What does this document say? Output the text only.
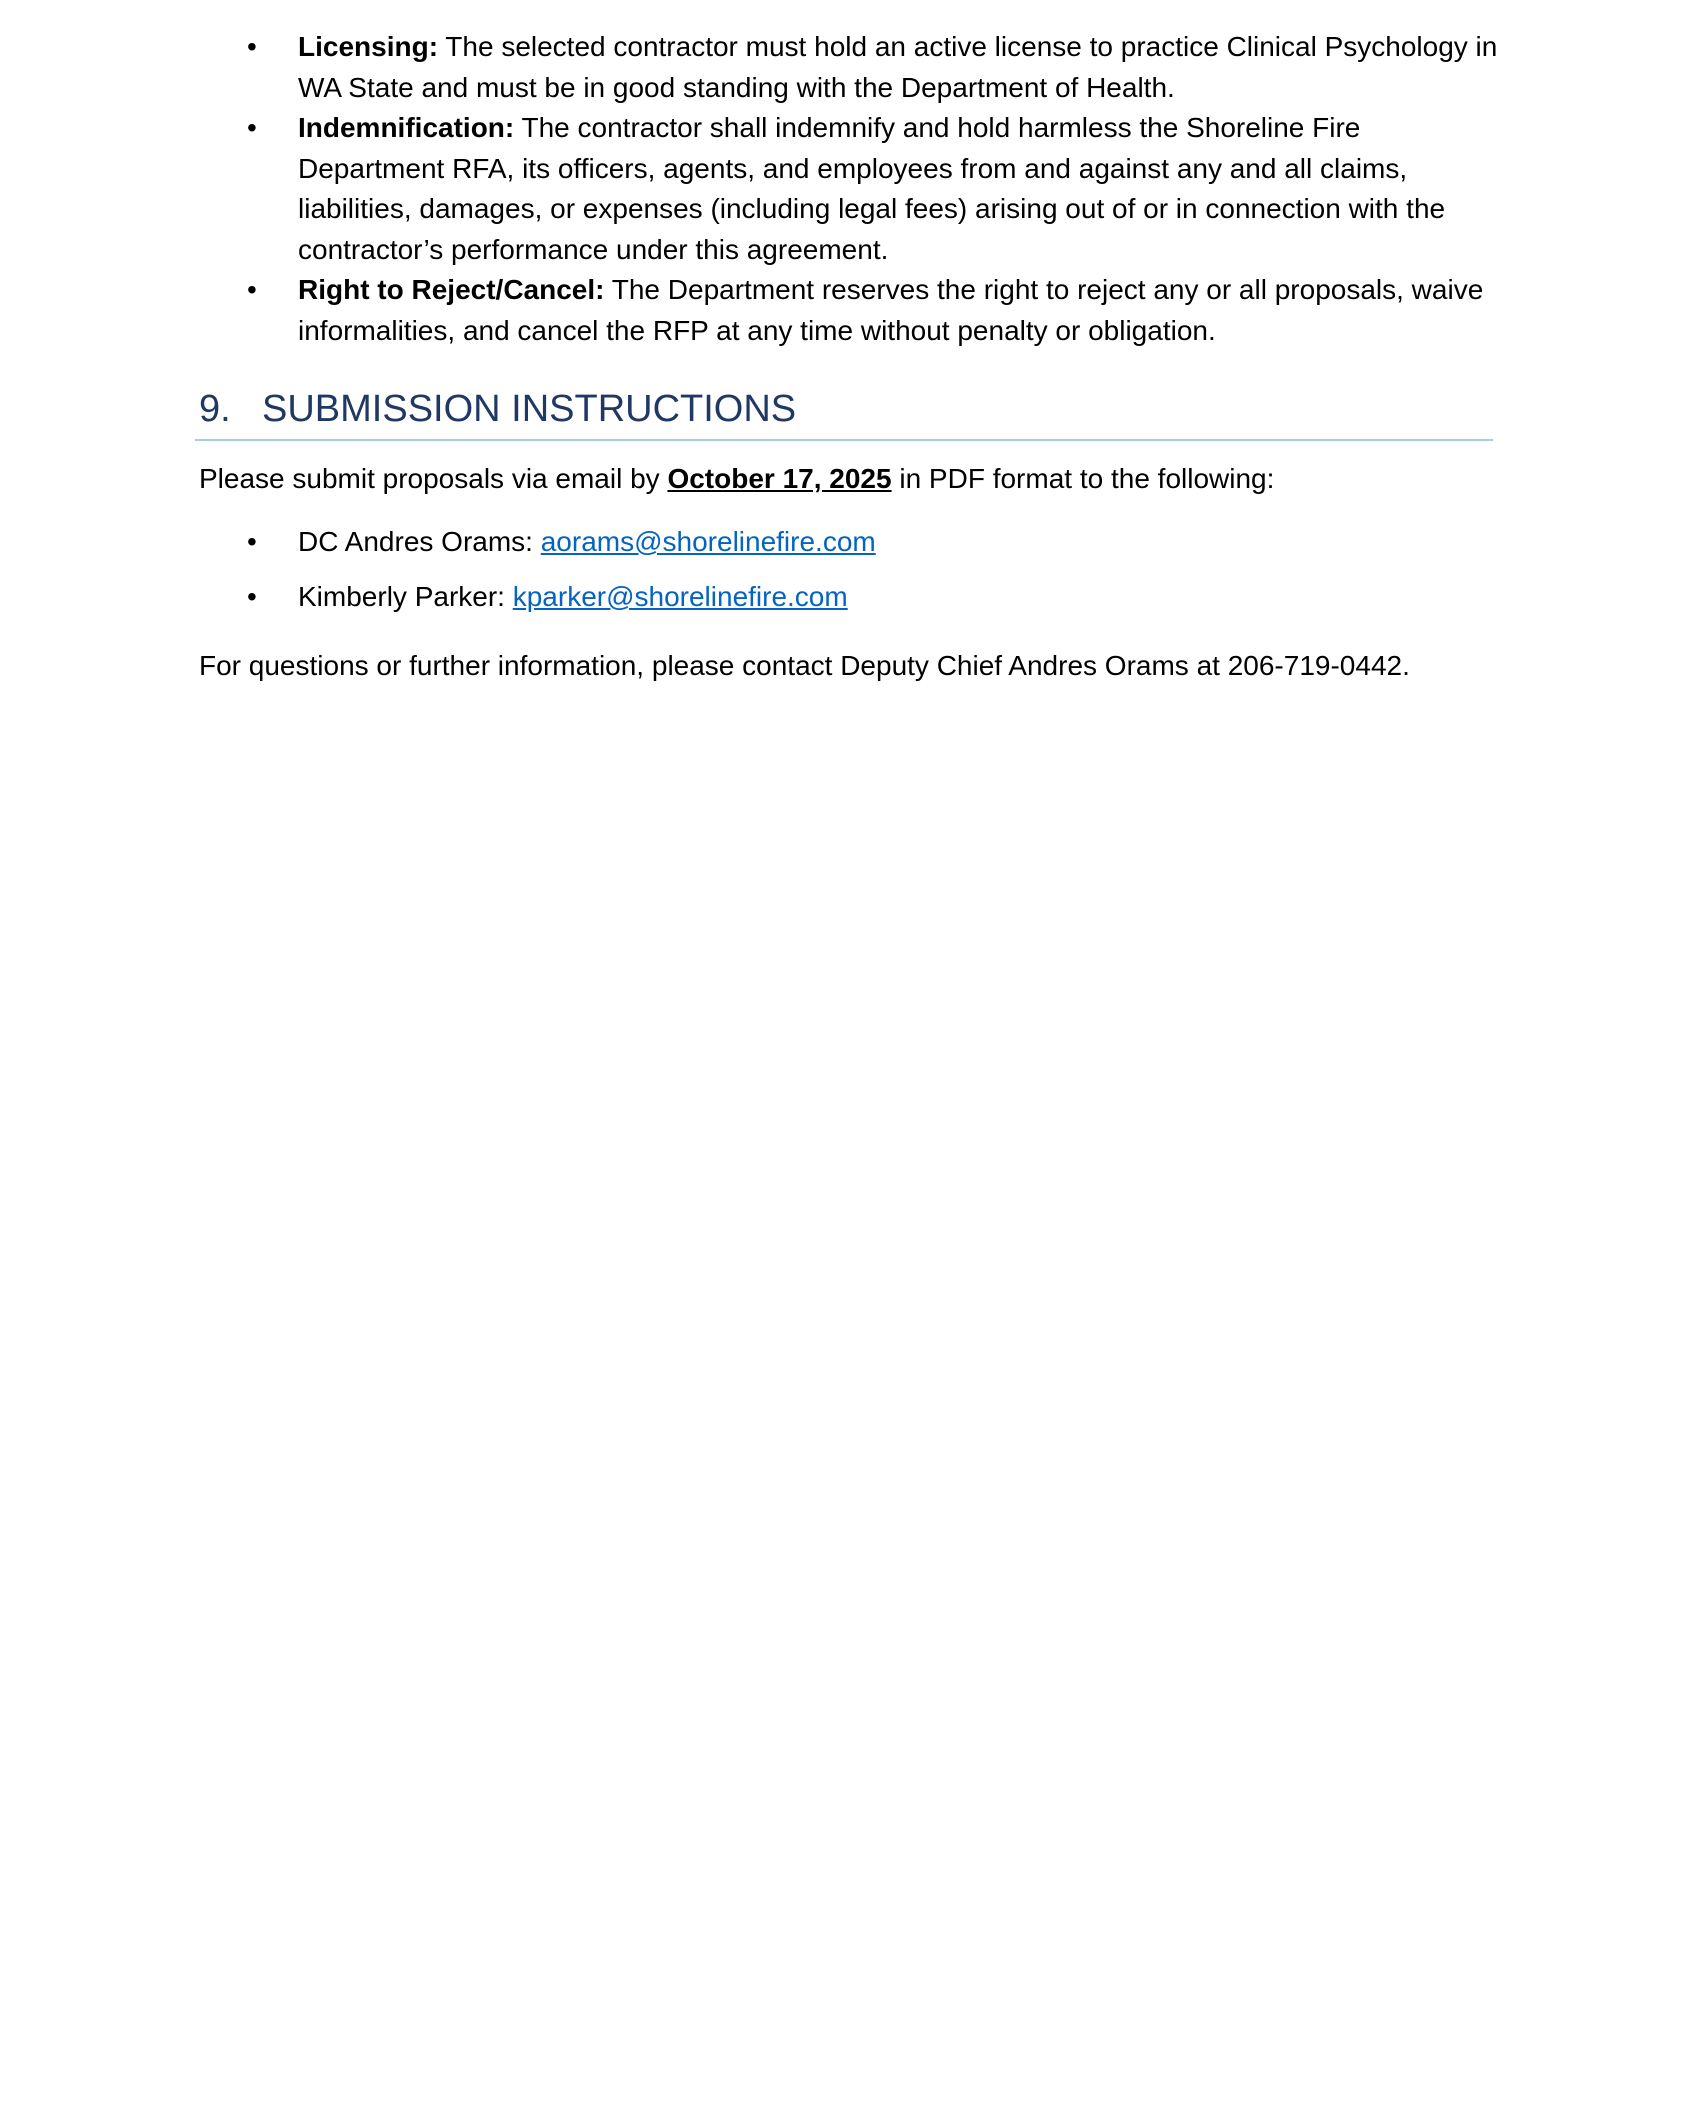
• Licensing: The selected contractor must hold an active license to practice Clinical Psychology in WA State and must be in good standing with the Department of Health.
• Indemnification: The contractor shall indemnify and hold harmless the Shoreline Fire Department RFA, its officers, agents, and employees from and against any and all claims, liabilities, damages, or expenses (including legal fees) arising out of or in connection with the contractor’s performance under this agreement.
• Right to Reject/Cancel: The Department reserves the right to reject any or all proposals, waive informalities, and cancel the RFP at any time without penalty or obligation.
9. SUBMISSION INSTRUCTIONS

Please submit proposals via email by October 17, 2025 in PDF format to the following:

• DC Andres Orams: aorams@shorelinefire.com
• Kimberly Parker: kparker@shorelinefire.com

For questions or further information, please contact Deputy Chief Andres Orams at 206-719-0442.
